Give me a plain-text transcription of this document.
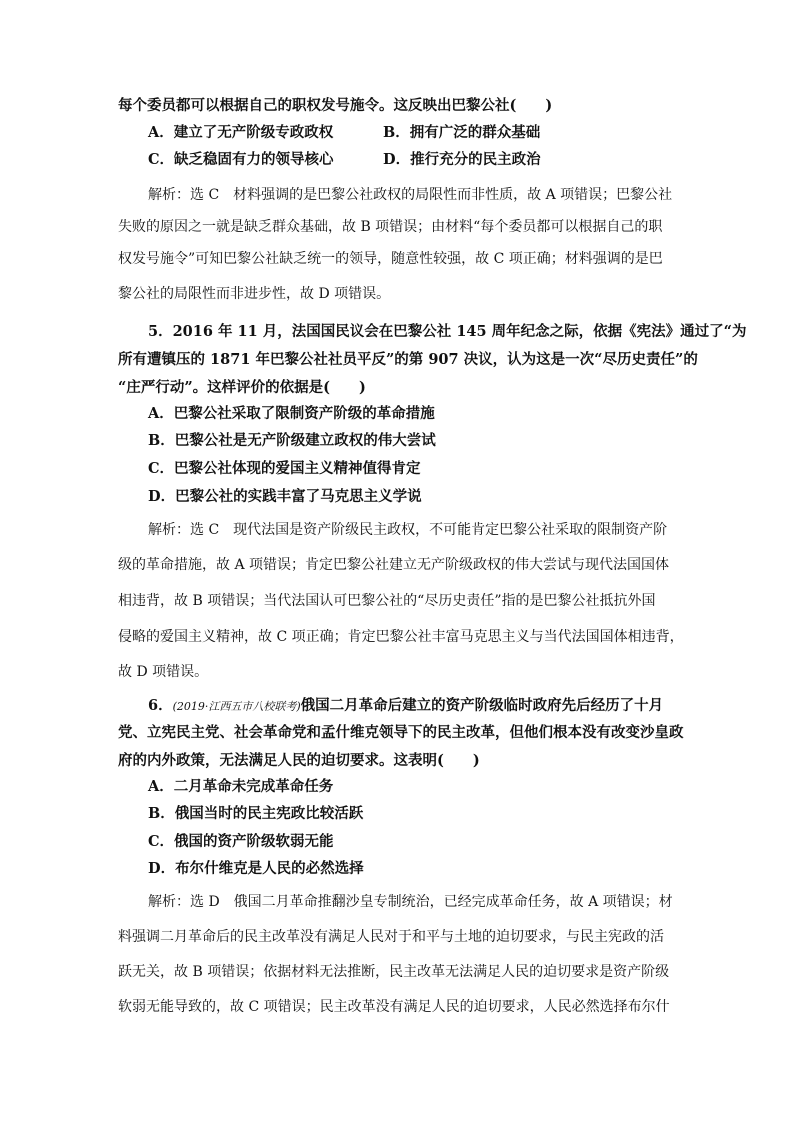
每个委员都可以根据自己的职权发号施令。这反映出巴黎公社(　　)
A．建立了无产阶级专政政权	B．拥有广泛的群众基础
C．缺乏稳固有力的领导核心	D．推行充分的民主政治
解析：选 C　材料强调的是巴黎公社政权的局限性而非性质，故 A 项错误；巴黎公社
失败的原因之一就是缺乏群众基础，故 B 项错误；由材料“每个委员都可以根据自己的职
权发号施令”可知巴黎公社缺乏统一的领导，随意性较强，故 C 项正确；材料强调的是巴
黎公社的局限性而非进步性，故 D 项错误。
5．2016 年 11 月，法国国民议会在巴黎公社 145 周年纪念之际，依据《宪法》通过了“为
所有遭镇压的 1871 年巴黎公社社员平反”的第 907 决议，认为这是一次“尽历史责任”的
“庄严行动”。这样评价的依据是(　　)
A．巴黎公社采取了限制资产阶级的革命措施
B．巴黎公社是无产阶级建立政权的伟大尝试
C．巴黎公社体现的爱国主义精神值得肯定
D．巴黎公社的实践丰富了马克思主义学说
解析：选 C　现代法国是资产阶级民主政权，不可能肯定巴黎公社采取的限制资产阶
级的革命措施，故 A 项错误；肯定巴黎公社建立无产阶级政权的伟大尝试与现代法国国体
相违背，故 B 项错误；当代法国认可巴黎公社的“尽历史责任”指的是巴黎公社抵抗外国
侵略的爱国主义精神，故 C 项正确；肯定巴黎公社丰富马克思主义与当代法国国体相违背，
故 D 项错误。
6．(2019·江西五市八校联考)俄国二月革命后建立的资产阶级临时政府先后经历了十月
党、立宪民主党、社会革命党和孟什维克领导下的民主改革，但他们根本没有改变沙皇政
府的内外政策，无法满足人民的迫切要求。这表明(　　)
A．二月革命未完成革命任务
B．俄国当时的民主宪政比较活跃
C．俄国的资产阶级软弱无能
D．布尔什维克是人民的必然选择
解析：选 D　俄国二月革命推翻沙皇专制统治，已经完成革命任务，故 A 项错误；材
料强调二月革命后的民主改革没有满足人民对于和平与土地的迫切要求，与民主宪政的活
跃无关，故 B 项错误；依据材料无法推断，民主改革无法满足人民的迫切要求是资产阶级
软弱无能导致的，故 C 项错误；民主改革没有满足人民的迫切要求，人民必然选择布尔什
